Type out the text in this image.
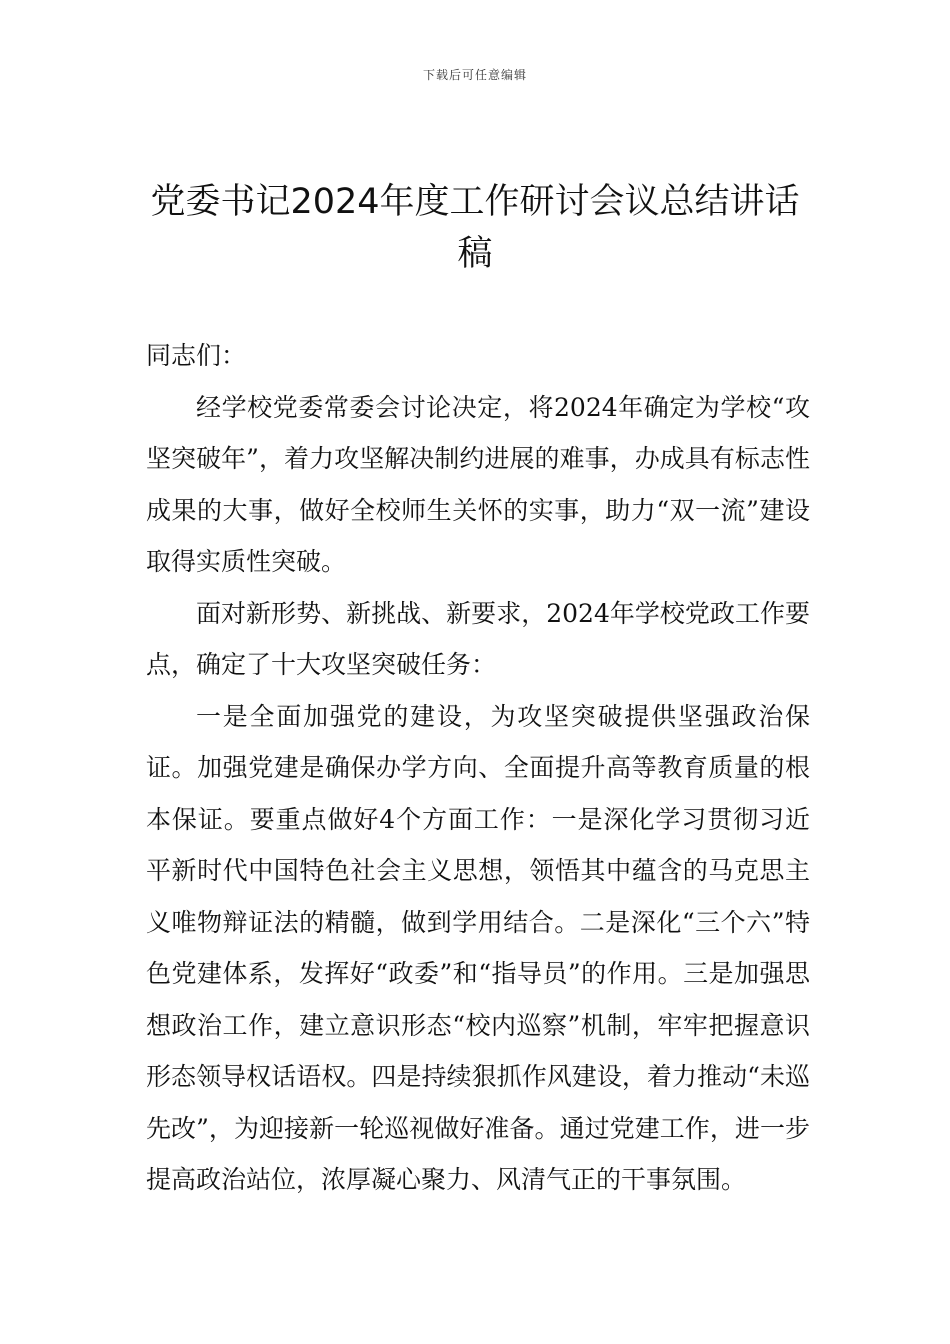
下载后可任意编辑
党委书记2024年度工作研讨会议总结讲话稿

同志们：

经学校党委常委会讨论决定，将2024年确定为学校“攻坚突破年”，着力攻坚解决制约进展的难事，办成具有标志性成果的大事，做好全校师生关怀的实事，助力“双一流”建设取得实质性突破。

面对新形势、新挑战、新要求，2024年学校党政工作要点，确定了十大攻坚突破任务：

一是全面加强党的建设，为攻坚突破提供坚强政治保证。加强党建是确保办学方向、全面提升高等教育质量的根本保证。要重点做好4个方面工作：一是深化学习贯彻习近平新时代中国特色社会主义思想，领悟其中蕴含的马克思主义唯物辩证法的精髓，做到学用结合。二是深化“三个六”特色党建体系，发挥好“政委”和“指导员”的作用。三是加强思想政治工作，建立意识形态“校内巡察”机制，牢牢把握意识形态领导权话语权。四是持续狠抓作风建设，着力推动“未巡先改”，为迎接新一轮巡视做好准备。通过党建工作，进一步提高政治站位，浓厚凝心聚力、风清气正的干事氛围。
